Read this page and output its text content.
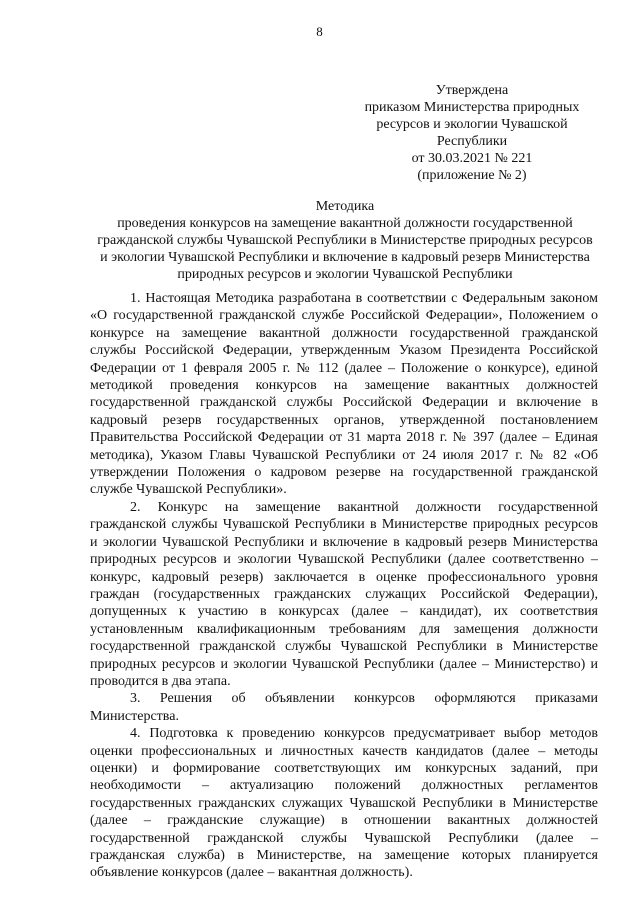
8
Утверждена
приказом Министерства природных
ресурсов и экологии Чувашской
Республики
от 30.03.2021 № 221
(приложение № 2)
Методика
проведения конкурсов на замещение вакантной должности государственной
гражданской службы Чувашской Республики в Министерстве природных ресурсов
и экологии Чувашской Республики и включение в кадровый резерв Министерства
природных ресурсов и экологии Чувашской Республики
1. Настоящая Методика разработана в соответствии с Федеральным законом
«О государственной гражданской службе Российской Федерации», Положением о
конкурсе на замещение вакантной должности государственной гражданской
службы Российской Федерации, утвержденным Указом Президента Российской
Федерации от 1 февраля 2005 г. № 112 (далее – Положение о конкурсе), единой
методикой проведения конкурсов на замещение вакантных должностей
государственной гражданской службы Российской Федерации и включение в
кадровый резерв государственных органов, утвержденной постановлением
Правительства Российской Федерации от 31 марта 2018 г. № 397 (далее – Единая
методика), Указом Главы Чувашской Республики от 24 июля 2017 г. № 82 «Об
утверждении Положения о кадровом резерве на государственной гражданской
службе Чувашской Республики».
2. Конкурс на замещение вакантной должности государственной
гражданской службы Чувашской Республики в Министерстве природных ресурсов
и экологии Чувашской Республики и включение в кадровый резерв Министерства
природных ресурсов и экологии Чувашской Республики (далее соответственно –
конкурс, кадровый резерв) заключается в оценке профессионального уровня
граждан (государственных гражданских служащих Российской Федерации),
допущенных к участию в конкурсах (далее – кандидат), их соответствия
установленным квалификационным требованиям для замещения должности
государственной гражданской службы Чувашской Республики в Министерстве
природных ресурсов и экологии Чувашской Республики (далее – Министерство) и
проводится в два этапа.
3. Решения об объявлении конкурсов оформляются приказами
Министерства.
4. Подготовка к проведению конкурсов предусматривает выбор методов
оценки профессиональных и личностных качеств кандидатов (далее – методы
оценки) и формирование соответствующих им конкурсных заданий, при
необходимости – актуализацию положений должностных регламентов
государственных гражданских служащих Чувашской Республики в Министерстве
(далее – гражданские служащие) в отношении вакантных должностей
государственной гражданской службы Чувашской Республики (далее –
гражданская служба) в Министерстве, на замещение которых планируется
объявление конкурсов (далее – вакантная должность).
